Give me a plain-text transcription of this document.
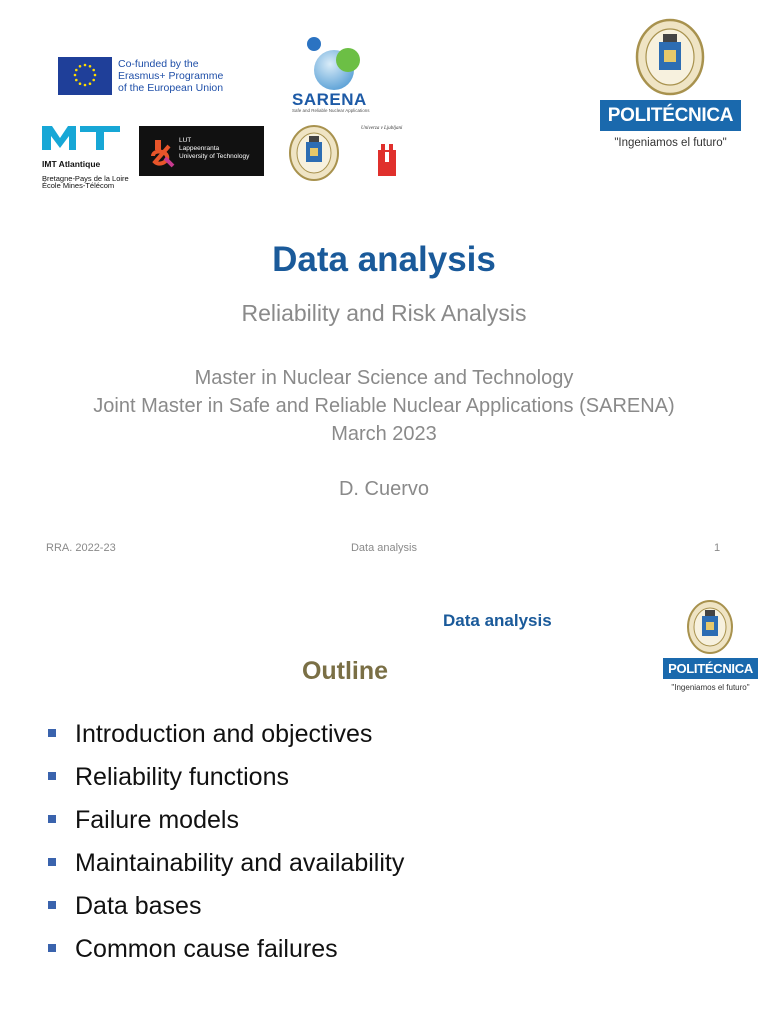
Co-funded by the
Erasmus+ Programme
of the European Union
SARENA
Safe and Reliable Nuclear Applications

IMT Atlantique

Bretagne-Pays de la Loire
École Mines-Télécom

LUT
Lappeenranta
University of Technology
Univerza v Ljubljani
POLITÉCNICA
"Ingeniamos el futuro"
Data analysis
Reliability and Risk Analysis
Master in Nuclear Science and Technology
Joint Master in Safe and Reliable Nuclear Applications (SARENA)
March 2023
D. Cuervo
RRA. 2022-23	Data analysis	1
Data analysis
POLITÉCNICA
"Ingeniamos el futuro"
Outline
Introduction and objectives
Reliability functions
Failure models
Maintainability and availability
Data bases
Common cause failures
